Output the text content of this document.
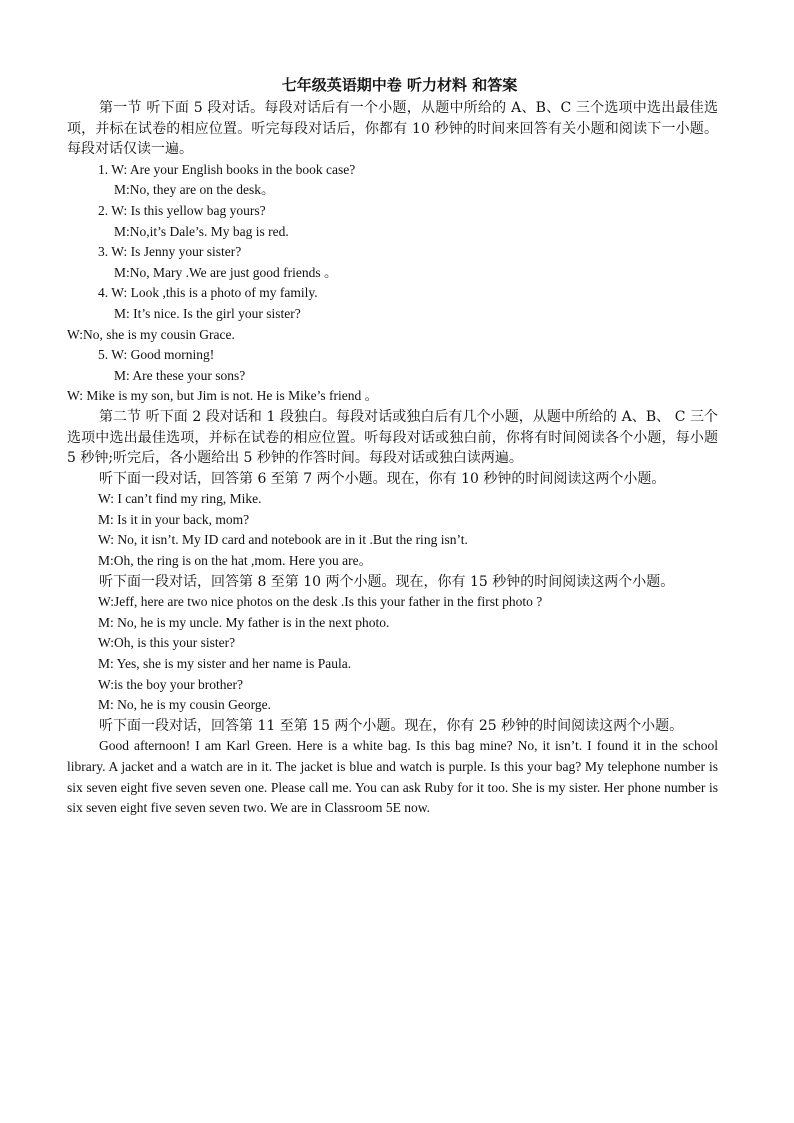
七年级英语期中卷 听力材料 和答案

第一节 听下面 5 段对话。每段对话后有一个小题，从题中所给的 A、B、C 三个选项中选出最佳选项，并标在试卷的相应位置。听完每段对话后，你都有 10 秒钟的时间来回答有关小题和阅读下一小题。每段对话仅读一遍。

1. W: Are your English books in the book case?

M:No, they are on the desk。

2. W: Is this yellow bag yours?

M:No,it’s Dale’s. My bag is red.

3. W: Is Jenny your sister?

M:No, Mary .We are just good friends 。

4. W: Look ,this is a photo of my family.

M: It’s nice. Is the girl your sister?

W:No, she is my cousin Grace.

5. W: Good morning!

M: Are these your sons?

W: Mike is my son, but Jim is not. He is Mike’s friend 。

第二节 听下面 2 段对话和 1 段独白。每段对话或独白后有几个小题，从题中所给的 A、B、 C 三个选项中选出最佳选项，并标在试卷的相应位置。听每段对话或独白前，你将有时间阅读各个小题，每小题 5 秒钟;听完后，各小题给出 5 秒钟的作答时间。每段对话或独白读两遍。

听下面一段对话，回答第 6 至第 7 两个小题。现在，你有 10 秒钟的时间阅读这两个小题。

W: I can’t find my ring, Mike.

M: Is it in your back, mom?

W: No, it isn’t. My ID card and notebook are in it .But the ring isn’t.

M:Oh, the ring is on the hat ,mom. Here you are。

听下面一段对话，回答第 8 至第 10 两个小题。现在，你有 15 秒钟的时间阅读这两个小题。

W:Jeff, here are two nice photos on the desk .Is this your father in the first photo ?

M: No, he is my uncle. My father is in the next photo.

W:Oh, is this your sister?

M: Yes, she is my sister and her name is Paula.

W:is the boy your brother?

M: No, he is my cousin George.

听下面一段对话，回答第 11 至第 15 两个小题。现在，你有 25 秒钟的时间阅读这两个小题。

Good afternoon! I am Karl Green. Here is a white bag. Is this bag mine? No, it isn’t. I found it in the school library. A jacket and a watch are in it. The jacket is blue and watch is purple. Is this your bag? My telephone number is six seven eight five seven seven one. Please call me. You can ask Ruby for it too. She is my sister. Her phone number is six seven eight five seven seven two. We are in Classroom 5E now.
